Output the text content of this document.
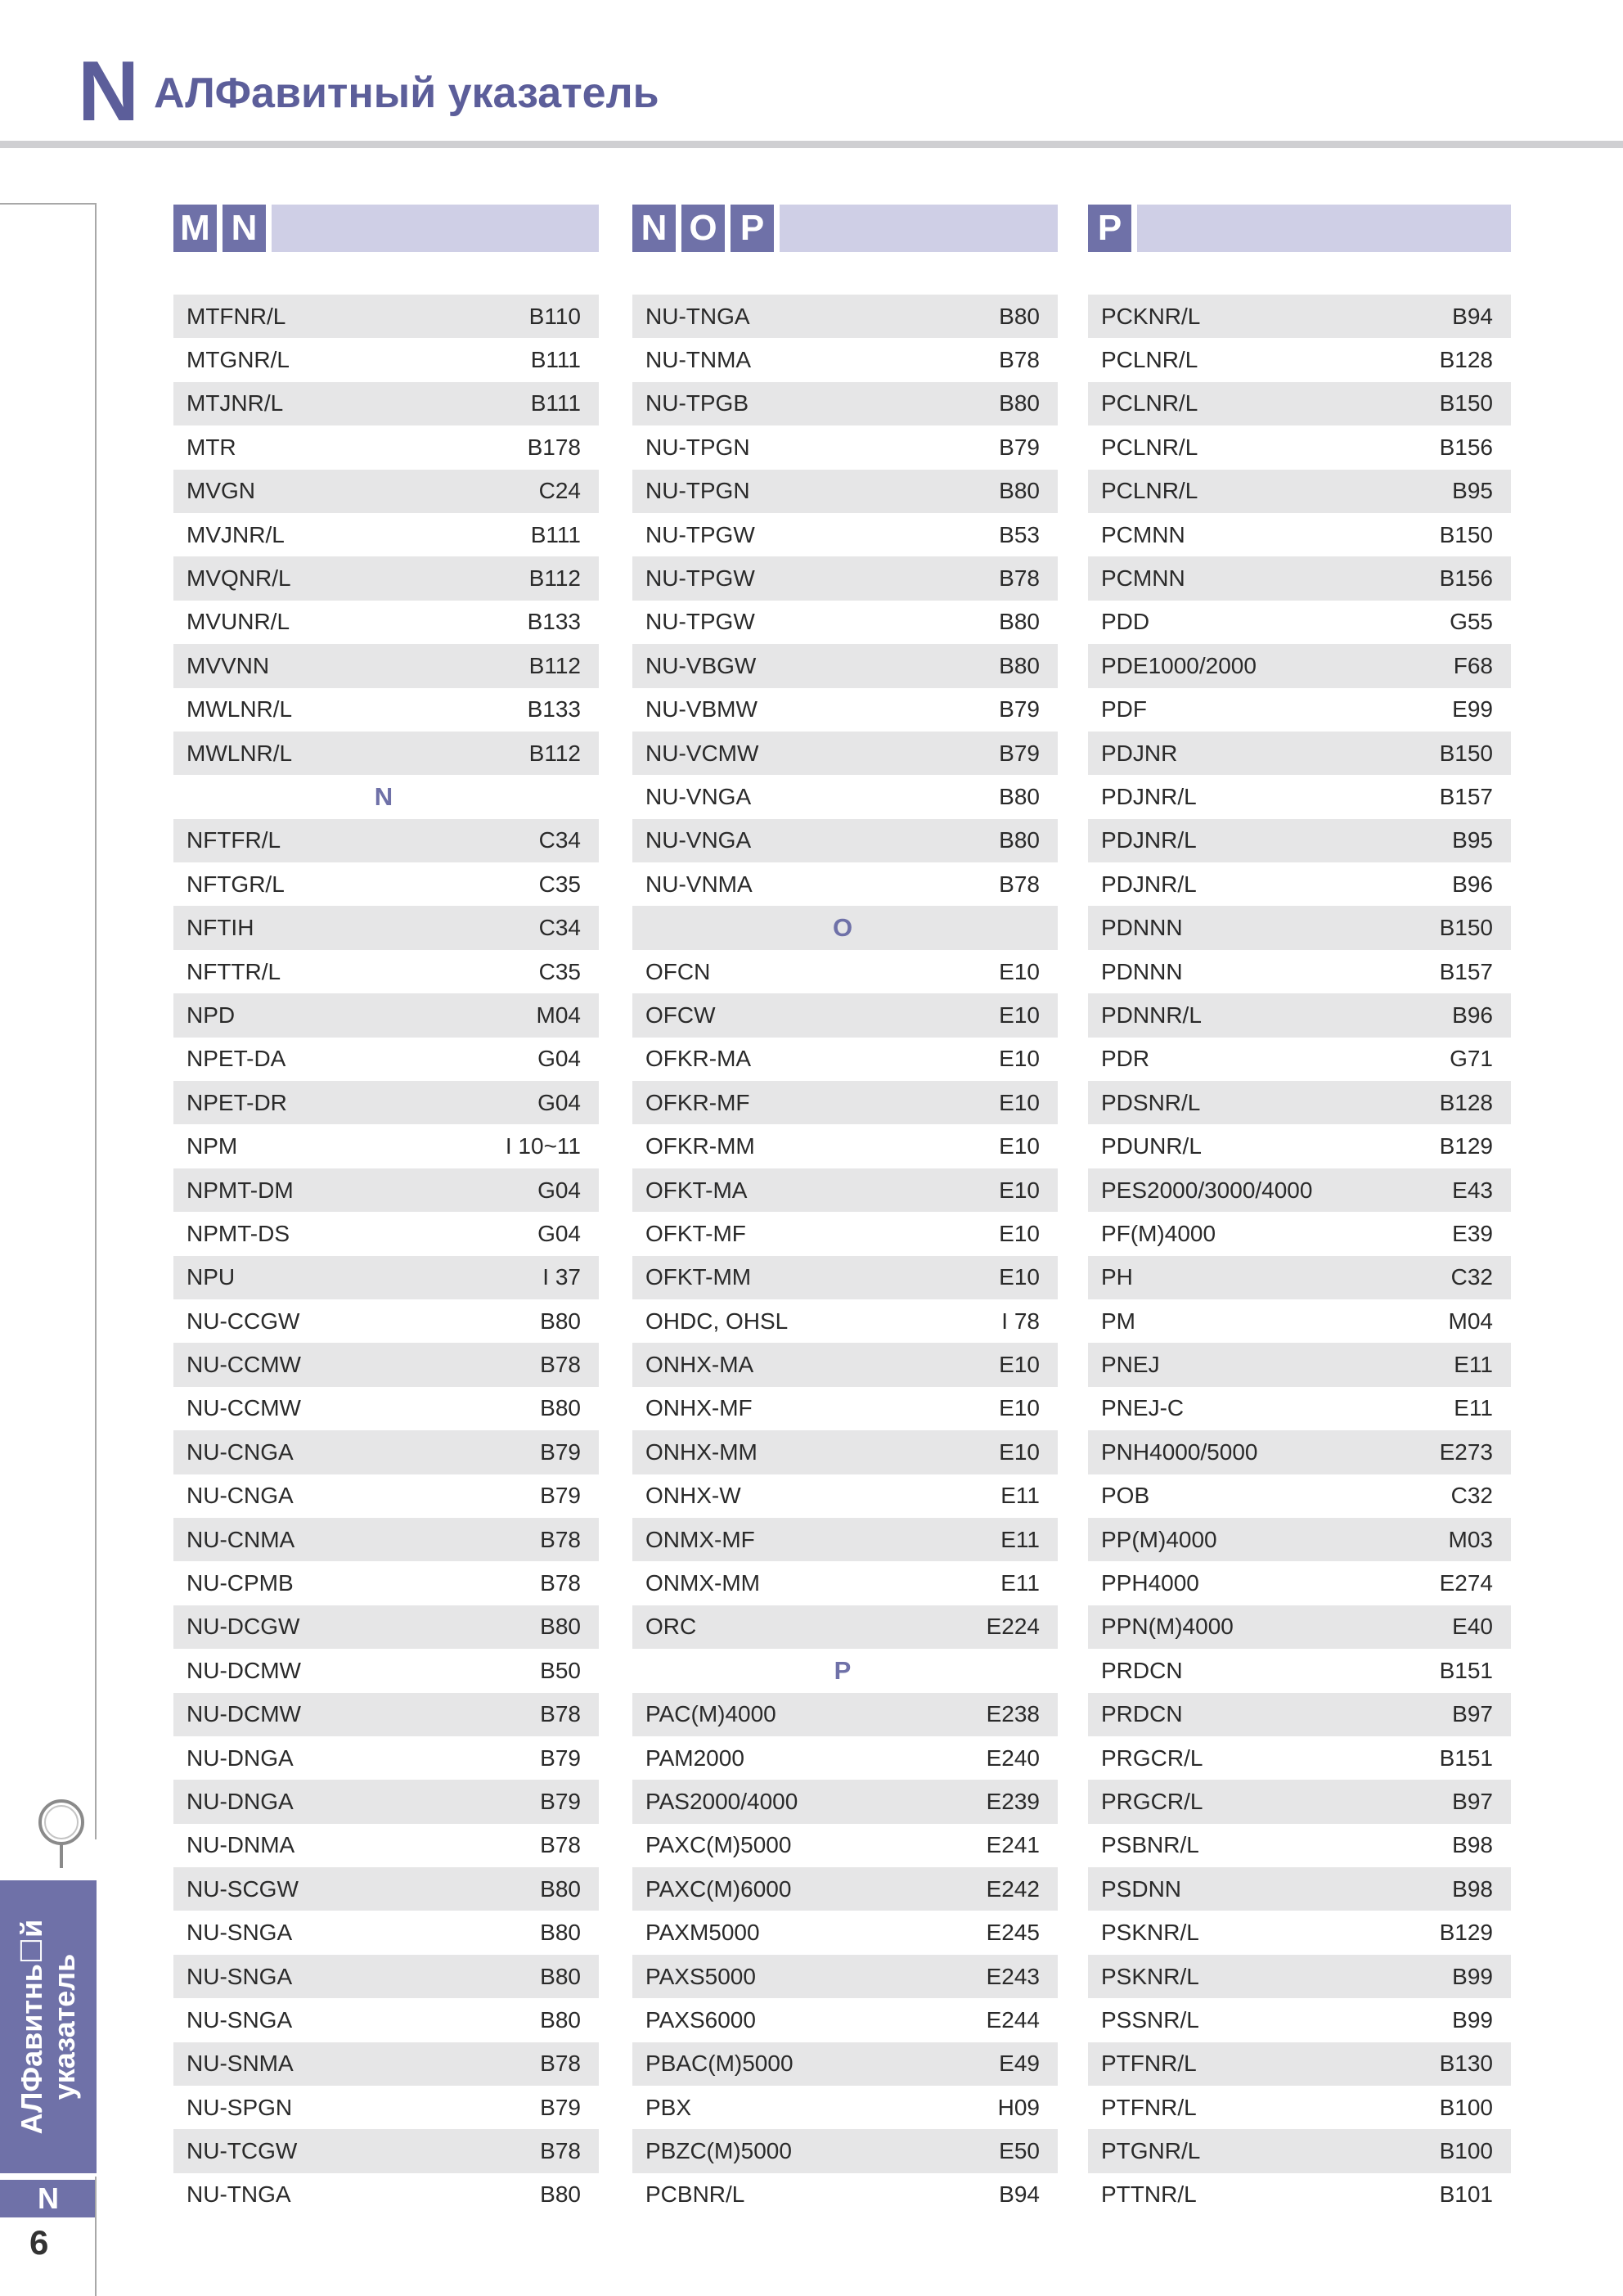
N АЛФавитный указатель
АЛФавитнь☐й
указатель
N
6
M N
MTFNR/L	B110
MTGNR/L	B111
MTJNR/L	B111
MTR	B178
MVGN	C24
MVJNR/L	B111
MVQNR/L	B112
MVUNR/L	B133
MVVNN	B112
MWLNR/L	B133
MWLNR/L	B112
N
NFTFR/L	C34
NFTGR/L	C35
NFTIH	C34
NFTTR/L	C35
NPD	M04
NPET-DA	G04
NPET-DR	G04
NPM	I 10~11
NPMT-DM	G04
NPMT-DS	G04
NPU	I 37
NU-CCGW	B80
NU-CCMW	B78
NU-CCMW	B80
NU-CNGA	B79
NU-CNGA	B79
NU-CNMA	B78
NU-CPMB	B78
NU-DCGW	B80
NU-DCMW	B50
NU-DCMW	B78
NU-DNGA	B79
NU-DNGA	B79
NU-DNMA	B78
NU-SCGW	B80
NU-SNGA	B80
NU-SNGA	B80
NU-SNGA	B80
NU-SNMA	B78
NU-SPGN	B79
NU-TCGW	B78
NU-TNGA	B80
N O P
NU-TNGA	B80
NU-TNMA	B78
NU-TPGB	B80
NU-TPGN	B79
NU-TPGN	B80
NU-TPGW	B53
NU-TPGW	B78
NU-TPGW	B80
NU-VBGW	B80
NU-VBMW	B79
NU-VCMW	B79
NU-VNGA	B80
NU-VNGA	B80
NU-VNMA	B78
O
OFCN	E10
OFCW	E10
OFKR-MA	E10
OFKR-MF	E10
OFKR-MM	E10
OFKT-MA	E10
OFKT-MF	E10
OFKT-MM	E10
OHDC, OHSL	I 78
ONHX-MA	E10
ONHX-MF	E10
ONHX-MM	E10
ONHX-W	E11
ONMX-MF	E11
ONMX-MM	E11
ORC	E224
P
PAC(M)4000	E238
PAM2000	E240
PAS2000/4000	E239
PAXC(M)5000	E241
PAXC(M)6000	E242
PAXM5000	E245
PAXS5000	E243
PAXS6000	E244
PBAC(M)5000	E49
PBX	H09
PBZC(M)5000	E50
PCBNR/L	B94
P
PCKNR/L	B94
PCLNR/L	B128
PCLNR/L	B150
PCLNR/L	B156
PCLNR/L	B95
PCMNN	B150
PCMNN	B156
PDD	G55
PDE1000/2000	F68
PDF	E99
PDJNR	B150
PDJNR/L	B157
PDJNR/L	B95
PDJNR/L	B96
PDNNN	B150
PDNNN	B157
PDNNR/L	B96
PDR	G71
PDSNR/L	B128
PDUNR/L	B129
PES2000/3000/4000	E43
PF(M)4000	E39
PH	C32
PM	M04
PNEJ	E11
PNEJ-C	E11
PNH4000/5000	E273
POB	C32
PP(M)4000	M03
PPH4000	E274
PPN(M)4000	E40
PRDCN	B151
PRDCN	B97
PRGCR/L	B151
PRGCR/L	B97
PSBNR/L	B98
PSDNN	B98
PSKNR/L	B129
PSKNR/L	B99
PSSNR/L	B99
PTFNR/L	B130
PTFNR/L	B100
PTGNR/L	B100
PTTNR/L	B101
